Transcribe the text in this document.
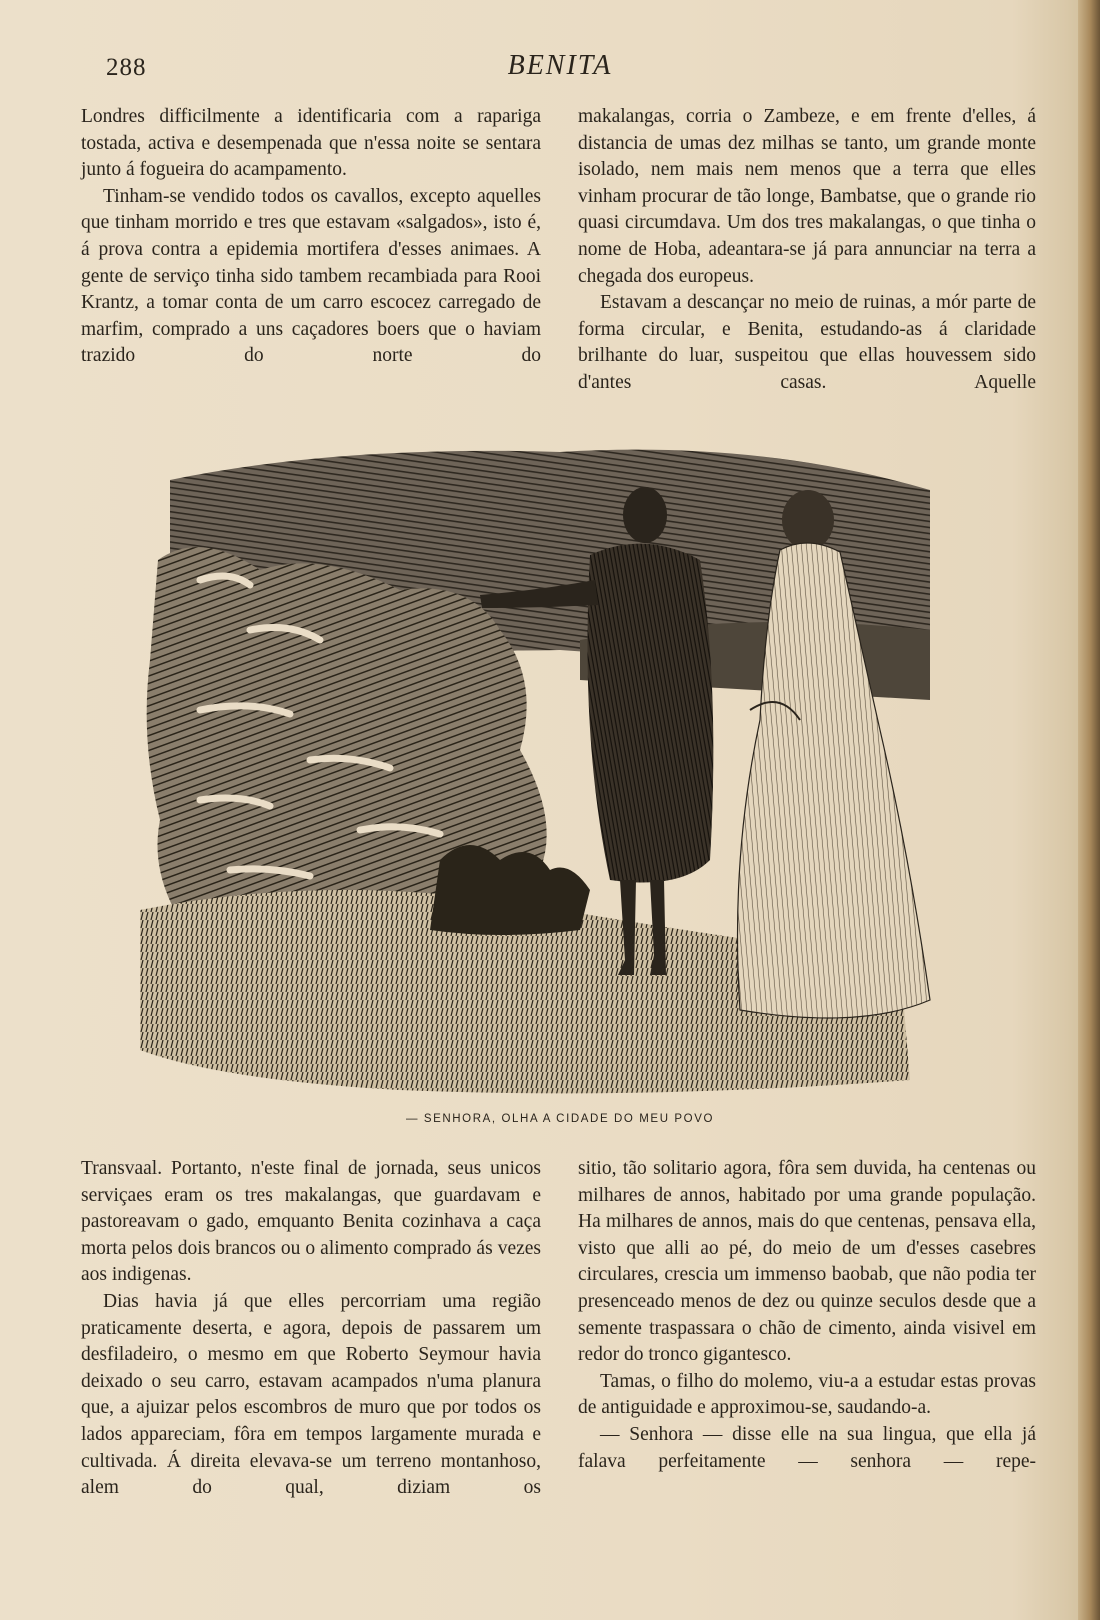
288	BENITA

Londres difficilmente a identificaria com a rapariga tostada, activa e desempenada que n'essa noite se sentara junto á fogueira do acampamento.

Tinham-se vendido todos os cavallos, excepto aquelles que tinham morrido e tres que estavam «salgados», isto é, á prova contra a epidemia mortifera d'esses animaes. A gente de serviço tinha sido tambem recambiada para Rooi Krantz, a tomar conta de um carro escocez carregado de marfim, comprado a uns caçadores boers que o haviam trazido do norte do

makalangas, corria o Zambeze, e em frente d'elles, á distancia de umas dez milhas se tanto, um grande monte isolado, nem mais nem menos que a terra que elles vinham procurar de tão longe, Bambatse, que o grande rio quasi circumdava. Um dos tres makalangas, o que tinha o nome de Hoba, adeantara-se já para annunciar na terra a chegada dos europeus.

Estavam a descançar no meio de ruinas, a mór parte de forma circular, e Benita, estudando-as á claridade brilhante do luar, suspeitou que ellas houvessem sido d'antes casas. Aquelle

— SENHORA, OLHA A CIDADE DO MEU POVO

Transvaal. Portanto, n'este final de jornada, seus unicos serviçaes eram os tres makalangas, que guardavam e pastoreavam o gado, emquanto Benita cozinhava a caça morta pelos dois brancos ou o alimento comprado ás vezes aos indigenas.

Dias havia já que elles percorriam uma região praticamente deserta, e agora, depois de passarem um desfiladeiro, o mesmo em que Roberto Seymour havia deixado o seu carro, estavam acampados n'uma planura que, a ajuizar pelos escombros de muro que por todos os lados appareciam, fôra em tempos largamente murada e cultivada. Á direita elevava-se um terreno montanhoso, alem do qual, diziam os

sitio, tão solitario agora, fôra sem duvida, ha centenas ou milhares de annos, habitado por uma grande população. Ha milhares de annos, mais do que centenas, pensava ella, visto que alli ao pé, do meio de um d'esses casebres circulares, crescia um immenso baobab, que não podia ter presenceado menos de dez ou quinze seculos desde que a semente traspassara o chão de cimento, ainda visivel em redor do tronco gigantesco.

Tamas, o filho do molemo, viu-a a estudar estas provas de antiguidade e approximou-se, saudando-a.

— Senhora — disse elle na sua lingua, que ella já falava perfeitamente — senhora — repe-
